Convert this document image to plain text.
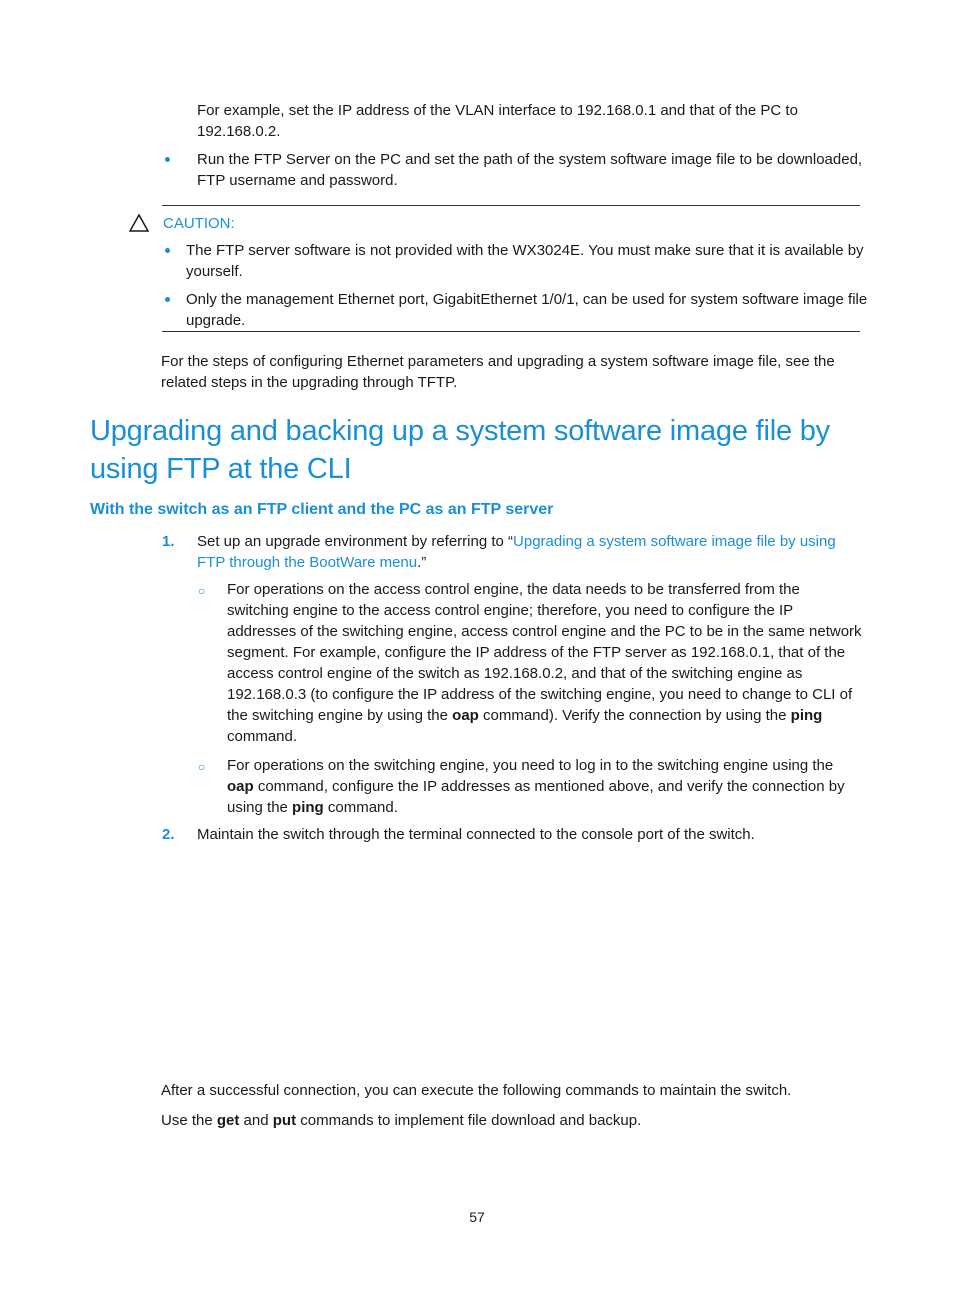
For example, set the IP address of the VLAN interface to 192.168.0.1 and that of the PC to
192.168.0.2.
Run the FTP Server on the PC and set the path of the system software image file to be downloaded,
FTP username and password.
CAUTION:
The FTP server software is not provided with the WX3024E. You must make sure that it is available by
yourself.
Only the management Ethernet port, GigabitEthernet 1/0/1, can be used for system software image file
upgrade.
For the steps of configuring Ethernet parameters and upgrading a system software image file, see the
related steps in the upgrading through TFTP.
Upgrading and backing up a system software image file by
using FTP at the CLI
With the switch as an FTP client and the PC as an FTP server
1. Set up an upgrade environment by referring to “Upgrading a system software image file by using
FTP through the BootWare menu.”
○ For operations on the access control engine, the data needs to be transferred from the
switching engine to the access control engine; therefore, you need to configure the IP
addresses of the switching engine, access control engine and the PC to be in the same network
segment. For example, configure the IP address of the FTP server as 192.168.0.1, that of the
access control engine of the switch as 192.168.0.2, and that of the switching engine as
192.168.0.3 (to configure the IP address of the switching engine, you need to change to CLI of
the switching engine by using the oap command). Verify the connection by using the ping
command.
○ For operations on the switching engine, you need to log in to the switching engine using the
oap command, configure the IP addresses as mentioned above, and verify the connection by
using the ping command.
2. Maintain the switch through the terminal connected to the console port of the switch.
After a successful connection, you can execute the following commands to maintain the switch.
Use the get and put commands to implement file download and backup.
57
